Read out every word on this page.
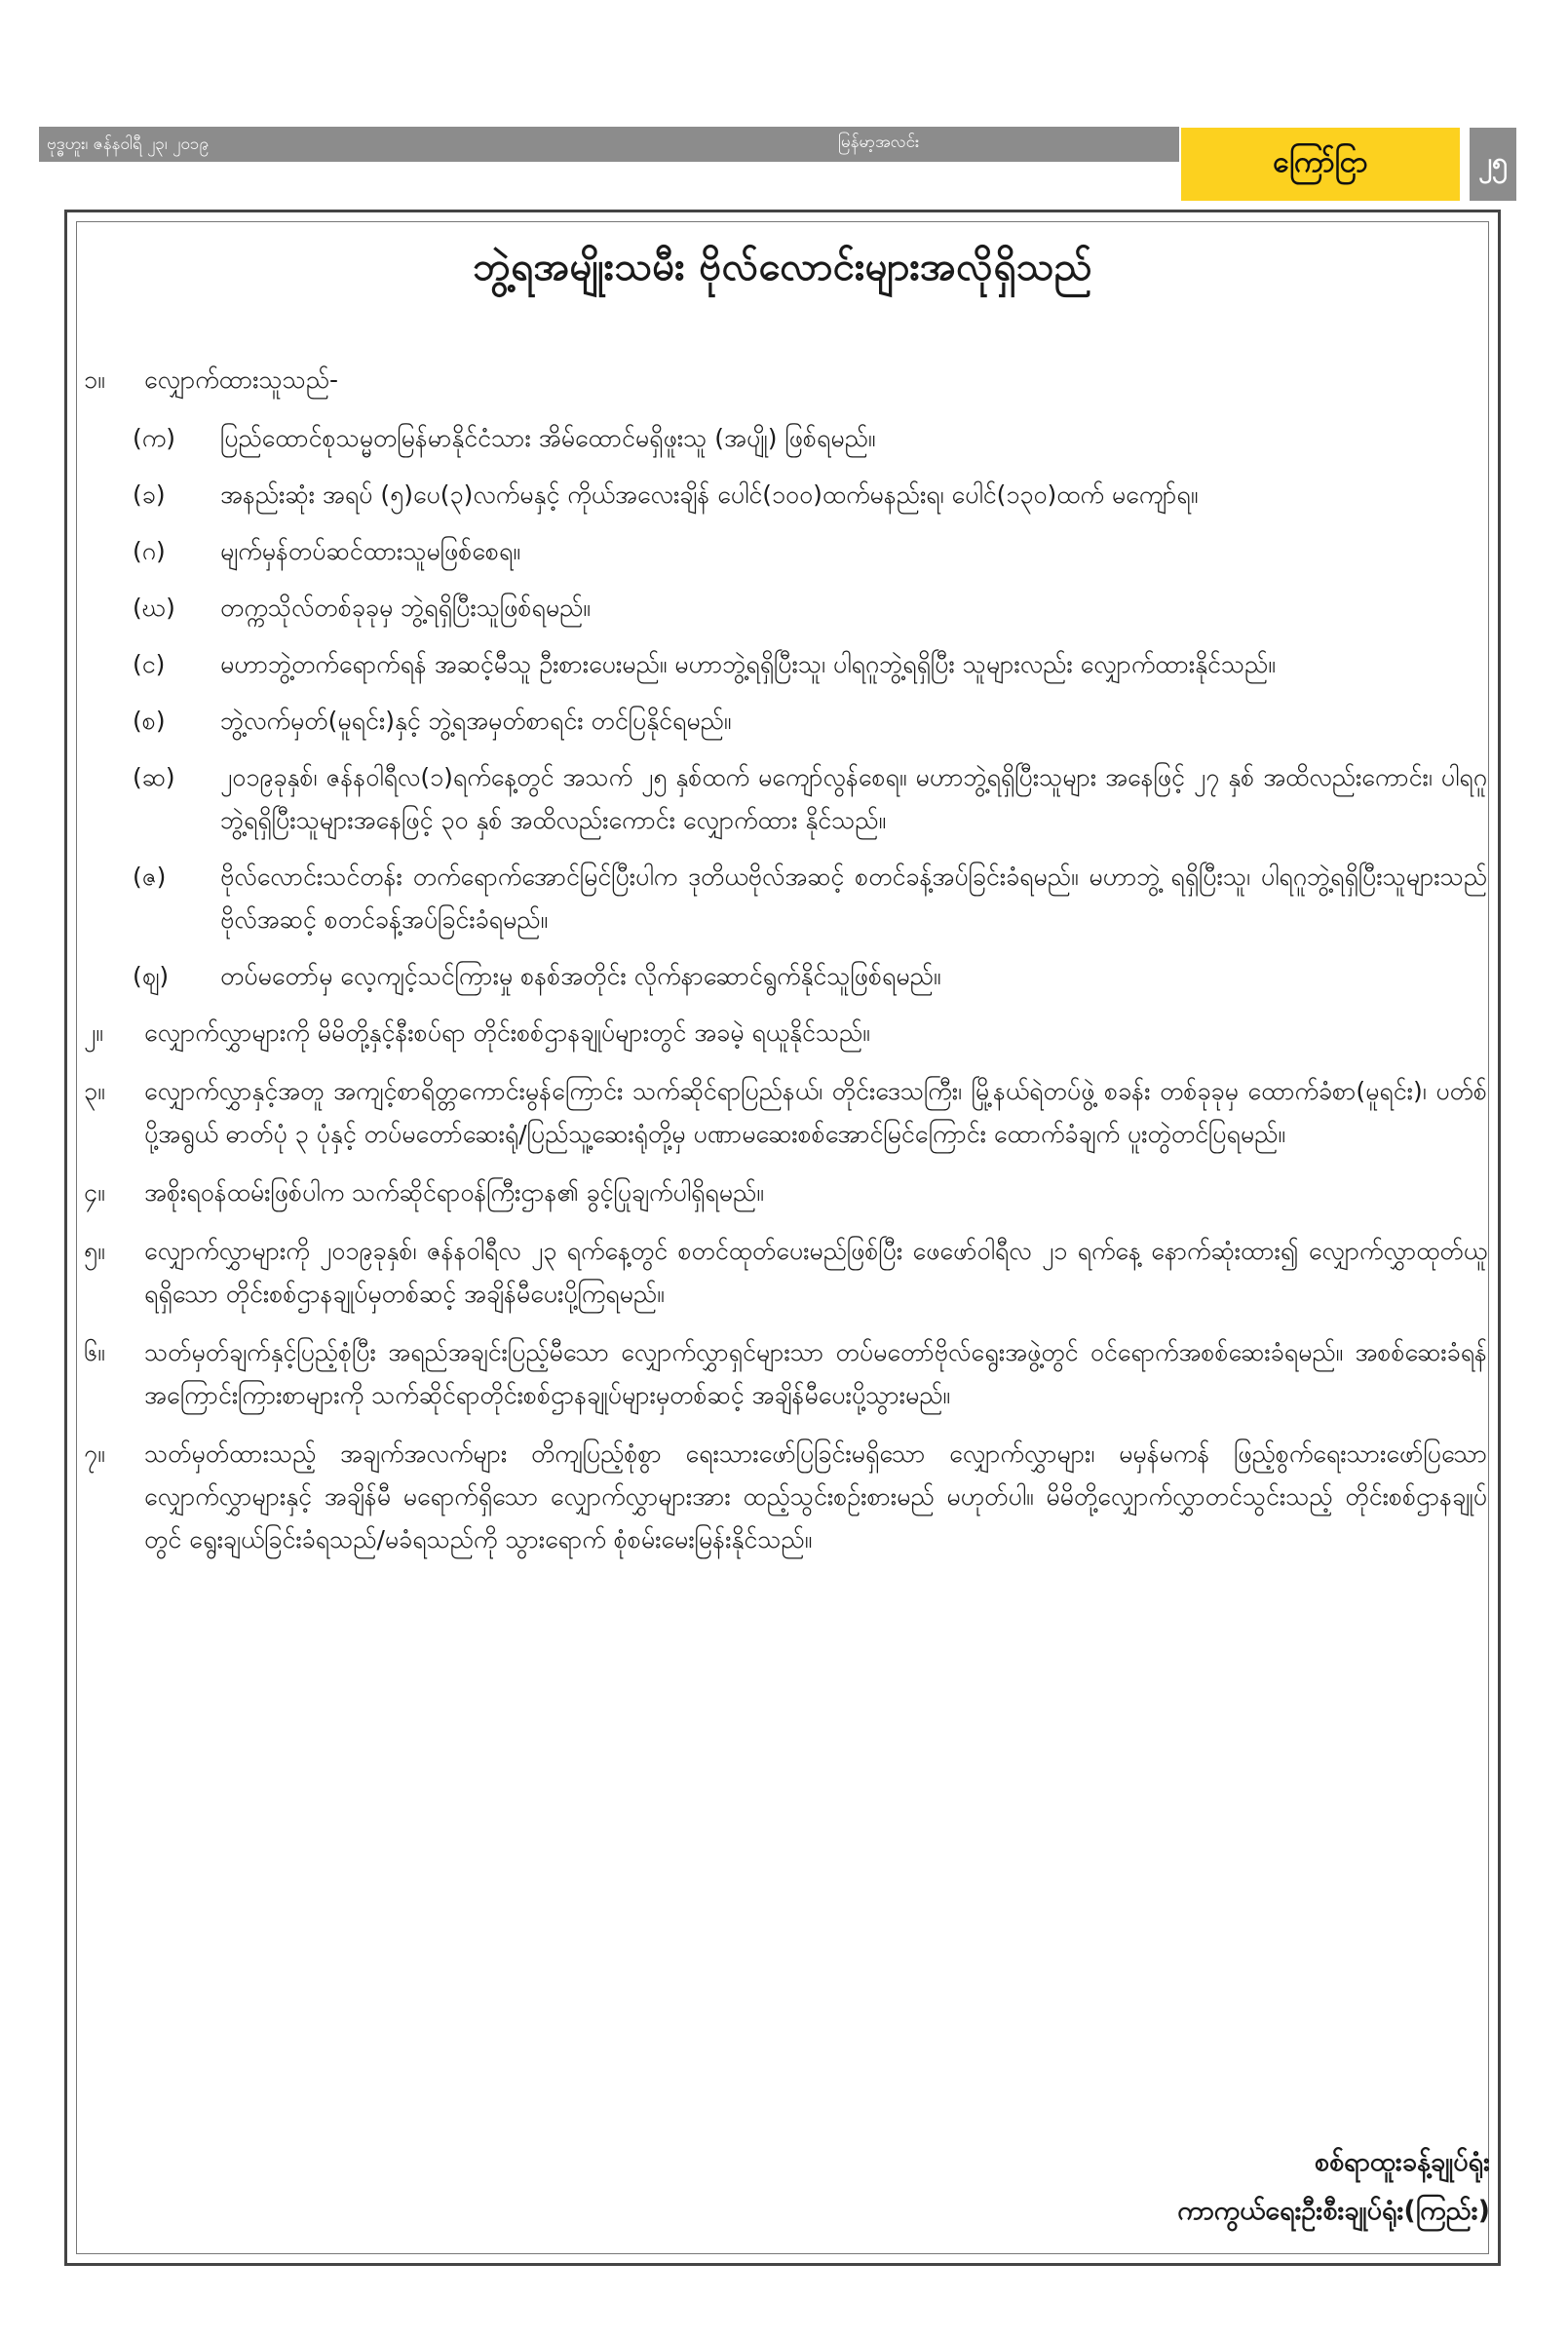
ဗုဒ္ဓဟူး၊ ဇန်နဝါရီ ၂၃၊ ၂၀၁၉	မြန်မာ့အလင်း
ကြော်ငြာ	၂၅
ဘွဲ့ရအမျိုးသမီး ဗိုလ်လောင်းများအလိုရှိသည်
၁။	လျှောက်ထားသူသည်-
(က)	ပြည်ထောင်စုသမ္မတမြန်မာနိုင်ငံသား အိမ်ထောင်မရှိဖူးသူ (အပျို) ဖြစ်ရမည်။
(ခ)	အနည်းဆုံး အရပ် (၅)ပေ(၃)လက်မနှင့် ကိုယ်အလေးချိန် ပေါင်(၁၀၀)ထက်မနည်းရ၊ ပေါင်(၁၃၀)ထက် မကျော်ရ။
(ဂ)	မျက်မှန်တပ်ဆင်ထားသူမဖြစ်စေရ။
(ဃ)	တက္ကသိုလ်တစ်ခုခုမှ ဘွဲ့ရရှိပြီးသူဖြစ်ရမည်။
(င)	မဟာဘွဲ့တက်ရောက်ရန် အဆင့်မီသူ ဦးစားပေးမည်။ မဟာဘွဲ့ရရှိပြီးသူ၊ ပါရဂူဘွဲ့ရရှိပြီး သူများလည်း လျှောက်ထားနိုင်သည်။
(စ)	ဘွဲ့လက်မှတ်(မူရင်း)နှင့် ဘွဲ့ရအမှတ်စာရင်း တင်ပြနိုင်ရမည်။
(ဆ)	၂၀၁၉ခုနှစ်၊ ဇန်နဝါရီလ(၁)ရက်နေ့တွင် အသက် ၂၅ နှစ်ထက် မကျော်လွန်စေရ။ မဟာဘွဲ့ရရှိပြီးသူများ အနေဖြင့် ၂၇ နှစ် အထိလည်းကောင်း၊ ပါရဂူဘွဲ့ရရှိပြီးသူများအနေဖြင့် ၃၀ နှစ် အထိလည်းကောင်း လျှောက်ထား နိုင်သည်။
(ဇ)	ဗိုလ်လောင်းသင်တန်း တက်ရောက်အောင်မြင်ပြီးပါက ဒုတိယဗိုလ်အဆင့် စတင်ခန့်အပ်ခြင်းခံရမည်။ မဟာဘွဲ့ ရရှိပြီးသူ၊ ပါရဂူဘွဲ့ရရှိပြီးသူများသည် ဗိုလ်အဆင့် စတင်ခန့်အပ်ခြင်းခံရမည်။
(ဈ)	တပ်မတော်မှ လေ့ကျင့်သင်ကြားမှု စနစ်အတိုင်း လိုက်နာဆောင်ရွက်နိုင်သူဖြစ်ရမည်။
၂။	လျှောက်လွှာများကို မိမိတို့နှင့်နီးစပ်ရာ တိုင်းစစ်ဌာနချုပ်များတွင် အခမဲ့ ရယူနိုင်သည်။
၃။	လျှောက်လွှာနှင့်အတူ အကျင့်စာရိတ္တကောင်းမွန်ကြောင်း သက်ဆိုင်ရာပြည်နယ်၊ တိုင်းဒေသကြီး၊ မြို့နယ်ရဲတပ်ဖွဲ့ စခန်း တစ်ခုခုမှ ထောက်ခံစာ(မူရင်း)၊ ပတ်စ်ပို့အရွယ် ဓာတ်ပုံ ၃ ပုံနှင့် တပ်မတော်ဆေးရုံ/ပြည်သူ့ဆေးရုံတို့မှ ပဏာမဆေးစစ်အောင်မြင်ကြောင်း ထောက်ခံချက် ပူးတွဲတင်ပြရမည်။
၄။	အစိုးရဝန်ထမ်းဖြစ်ပါက သက်ဆိုင်ရာဝန်ကြီးဌာန၏ ခွင့်ပြုချက်ပါရှိရမည်။
၅။	လျှောက်လွှာများကို ၂၀၁၉ခုနှစ်၊ ဇန်နဝါရီလ ၂၃ ရက်နေ့တွင် စတင်ထုတ်ပေးမည်ဖြစ်ပြီး ဖေဖော်ဝါရီလ ၂၁ ရက်နေ့ နောက်ဆုံးထား၍ လျှောက်လွှာထုတ်ယူရရှိသော တိုင်းစစ်ဌာနချုပ်မှတစ်ဆင့် အချိန်မီပေးပို့ကြရမည်။
၆။	သတ်မှတ်ချက်နှင့်ပြည့်စုံပြီး အရည်အချင်းပြည့်မီသော လျှောက်လွှာရှင်များသာ တပ်မတော်ဗိုလ်ရွေးအဖွဲ့တွင် ဝင်ရောက်အစစ်ဆေးခံရမည်။ အစစ်ဆေးခံရန် အကြောင်းကြားစာများကို သက်ဆိုင်ရာတိုင်းစစ်ဌာနချုပ်များမှတစ်ဆင့် အချိန်မီပေးပို့သွားမည်။
၇။	သတ်မှတ်ထားသည့် အချက်အလက်များ တိကျပြည့်စုံစွာ ရေးသားဖော်ပြခြင်းမရှိသော လျှောက်လွှာများ၊ မမှန်မကန် ဖြည့်စွက်ရေးသားဖော်ပြသော လျှောက်လွှာများနှင့် အချိန်မီ မရောက်ရှိသော လျှောက်လွှာများအား ထည့်သွင်းစဉ်းစားမည် မဟုတ်ပါ။ မိမိတို့လျှောက်လွှာတင်သွင်းသည့် တိုင်းစစ်ဌာနချုပ်တွင် ရွေးချယ်ခြင်းခံရသည်/မခံရသည်ကို သွားရောက် စုံစမ်းမေးမြန်းနိုင်သည်။
စစ်ရာထူးခန့်ချုပ်ရုံး
ကာကွယ်ရေးဦးစီးချုပ်ရုံး(ကြည်း)
